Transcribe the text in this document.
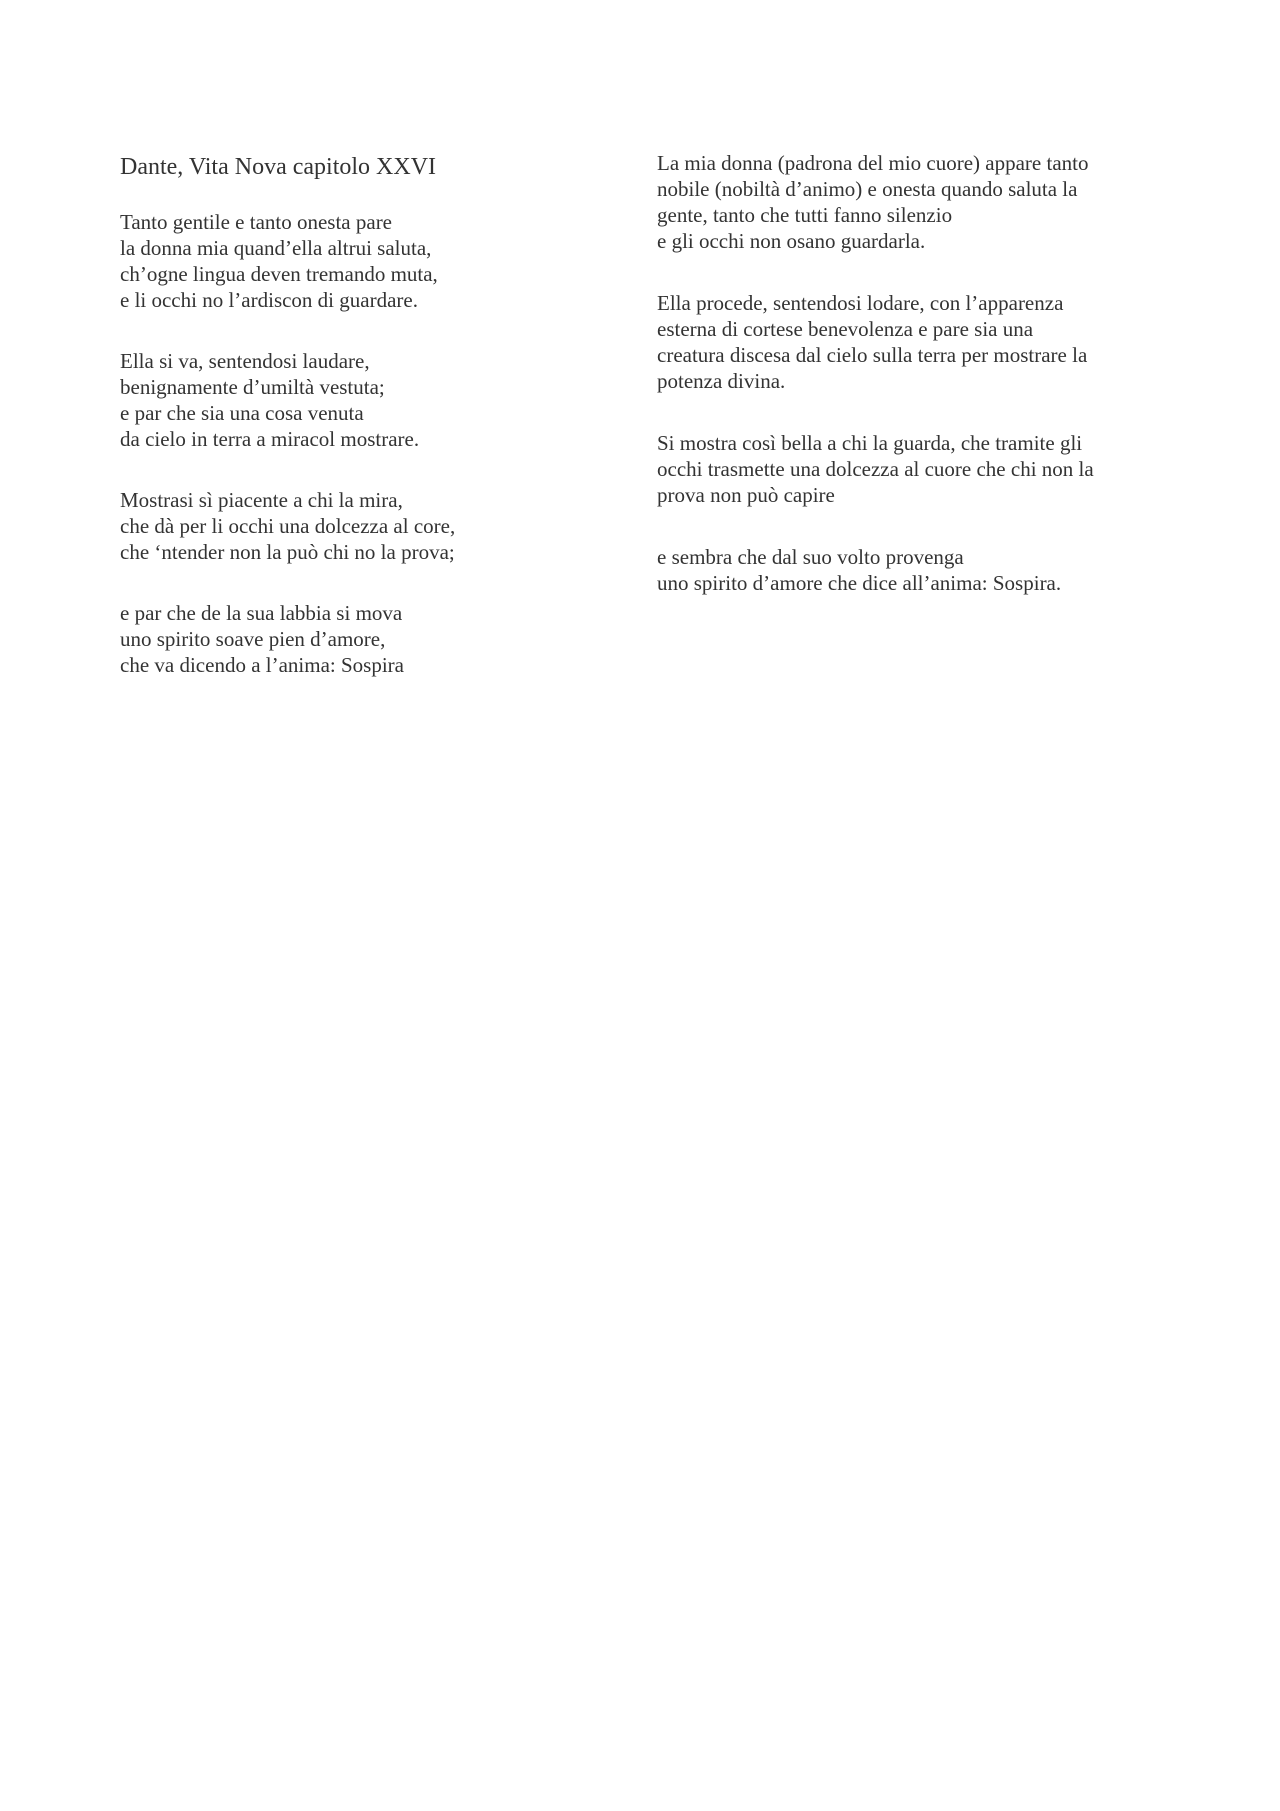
Dante, Vita Nova capitolo XXVI
Tanto gentile e tanto onesta pare
la donna mia quand’ella altrui saluta,
ch’ogne lingua deven tremando muta,
e li occhi no l’ardiscon di guardare.
Ella si va, sentendosi laudare,
benignamente d’umiltà vestuta;
e par che sia una cosa venuta
da cielo in terra a miracol mostrare.
Mostrasi sì piacente a chi la mira,
che dà per li occhi una dolcezza al core,
che ‘ntender non la può chi no la prova;
e par che de la sua labbia si mova
uno spirito soave pien d’amore,
che va dicendo a l’anima: Sospira
La mia donna (padrona del mio cuore) appare tanto
nobile (nobiltà d’animo) e onesta quando saluta la
gente, tanto che tutti fanno silenzio
e gli occhi non osano guardarla.
Ella procede, sentendosi lodare, con l’apparenza
esterna di cortese benevolenza e pare sia una
creatura discesa dal cielo sulla terra per mostrare la
potenza divina.
Si mostra così bella a chi la guarda, che tramite gli
occhi trasmette una dolcezza al cuore che chi non la
prova non può capire
e sembra che dal suo volto provenga
uno spirito d’amore che dice all’anima: Sospira.
